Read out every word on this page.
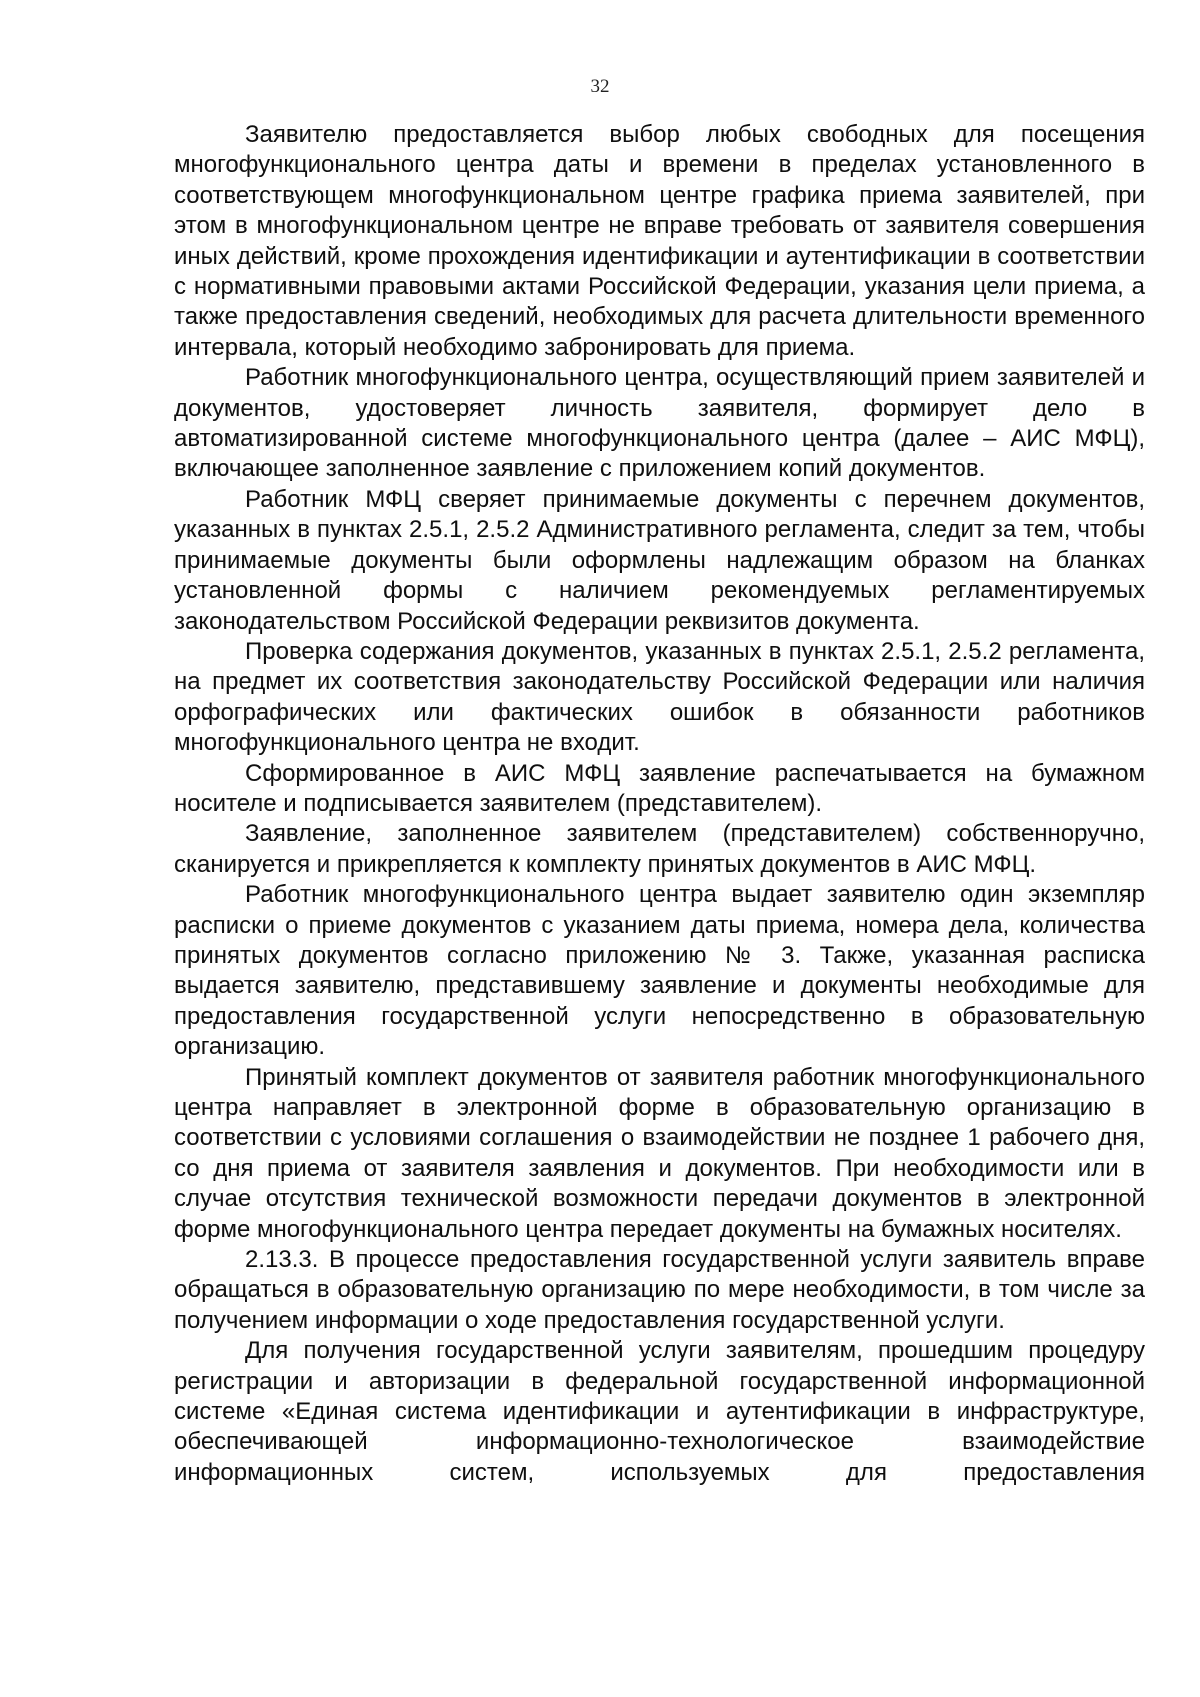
32

Заявителю предоставляется выбор любых свободных для посещения многофункционального центра даты и времени в пределах установленного в соответствующем многофункциональном центре графика приема заявителей, при этом в многофункциональном центре не вправе требовать от заявителя совершения иных действий, кроме прохождения идентификации и аутентификации в соответствии с нормативными правовыми актами Российской Федерации, указания цели приема, а также предоставления сведений, необходимых для расчета длительности временного интервала, который необходимо забронировать для приема.

Работник многофункционального центра, осуществляющий прием заявителей и документов, удостоверяет личность заявителя, формирует дело в автоматизированной системе многофункционального центра (далее – АИС МФЦ), включающее заполненное заявление с приложением копий документов.

Работник МФЦ сверяет принимаемые документы с перечнем документов, указанных в пунктах 2.5.1, 2.5.2 Административного регламента, следит за тем, чтобы принимаемые документы были оформлены надлежащим образом на бланках установленной формы с наличием рекомендуемых регламентируемых законодательством Российской Федерации реквизитов документа.

Проверка содержания документов, указанных в пунктах 2.5.1, 2.5.2 регламента, на предмет их соответствия законодательству Российской Федерации или наличия орфографических или фактических ошибок в обязанности работников многофункционального центра не входит.

Сформированное в АИС МФЦ заявление распечатывается на бумажном носителе и подписывается заявителем (представителем).

Заявление, заполненное заявителем (представителем) собственноручно, сканируется и прикрепляется к комплекту принятых документов в АИС МФЦ.

Работник многофункционального центра выдает заявителю один экземпляр расписки о приеме документов с указанием даты приема, номера дела, количества принятых документов согласно приложению № 3. Также, указанная расписка выдается заявителю, представившему заявление и документы необходимые для предоставления государственной услуги непосредственно в образовательную организацию.

Принятый комплект документов от заявителя работник многофункционального центра направляет в электронной форме в образовательную организацию в соответствии с условиями соглашения о взаимодействии не позднее 1 рабочего дня, со дня приема от заявителя заявления и документов. При необходимости или в случае отсутствия технической возможности передачи документов в электронной форме многофункционального центра передает документы на бумажных носителях.

2.13.3. В процессе предоставления государственной услуги заявитель вправе обращаться в образовательную организацию по мере необходимости, в том числе за получением информации о ходе предоставления государственной услуги.

Для получения государственной услуги заявителям, прошедшим процедуру регистрации и авторизации в федеральной государственной информационной системе «Единая система идентификации и аутентификации в инфраструктуре, обеспечивающей информационно-технологическое взаимодействие информационных систем, используемых для предоставления
